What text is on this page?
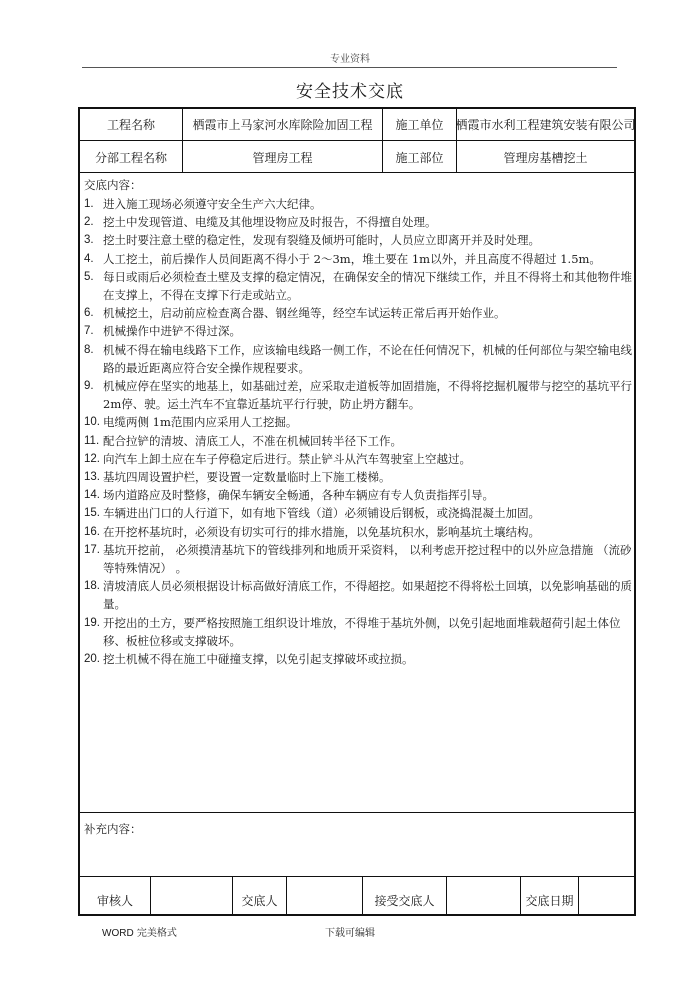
专业资料
安全技术交底
工程名称	栖霞市上马家河水库除险加固工程	施工单位	栖霞市水利工程建筑安装有限公司
分部工程名称	管理房工程	施工部位	管理房基槽挖土
交底内容：
1. 进入施工现场必须遵守安全生产六大纪律。
2. 挖土中发现管道、电缆及其他埋设物应及时报告，不得擅自处理。
3. 挖土时要注意土壁的稳定性，发现有裂缝及倾坍可能时，人员应立即离开并及时处理。
4. 人工挖土，前后操作人员间距离不得小于 2～3m，堆土要在 1m以外，并且高度不得超过 1.5m。
5. 每日或雨后必须检查土壁及支撑的稳定情况，在确保安全的情况下继续工作，并且不得将土和其他物件堆在支撑上，不得在支撑下行走或站立。
6. 机械挖土，启动前应检查离合器、钢丝绳等，经空车试运转正常后再开始作业。
7. 机械操作中进铲不得过深。
8. 机械不得在输电线路下工作，应该输电线路一侧工作，不论在任何情况下，机械的任何部位与架空输电线路的最近距离应符合安全操作规程要求。
9. 机械应停在坚实的地基上，如基础过差，应采取走道板等加固措施，不得将挖掘机履带与挖空的基坑平行 2m停、驶。运土汽车不宜靠近基坑平行行驶，防止坍方翻车。
10. 电缆两侧 1m范围内应采用人工挖掘。
11. 配合拉铲的清坡、清底工人，不准在机械回转半径下工作。
12. 向汽车上卸土应在车子停稳定后进行。禁止铲斗从汽车驾驶室上空越过。
13. 基坑四周设置护栏，要设置一定数量临时上下施工楼梯。
14. 场内道路应及时整修，确保车辆安全畅通，各种车辆应有专人负责指挥引导。
15. 车辆进出门口的人行道下，如有地下管线（道）必须铺设后钢板，或浇捣混凝土加固。
16. 在开挖杯基坑时，必须设有切实可行的排水措施，以免基坑积水，影响基坑土壤结构。
17. 基坑开挖前， 必须摸清基坑下的管线排列和地质开采资料， 以利考虑开挖过程中的以外应急措施 （流砂等特殊情况） 。
18. 清坡清底人员必须根据设计标高做好清底工作，不得超挖。如果超挖不得将松土回填，以免影响基础的质量。
19. 开挖出的土方，要严格按照施工组织设计堆放，不得堆于基坑外侧，以免引起地面堆载超荷引起土体位移、板桩位移或支撑破坏。
20. 挖土机械不得在施工中碰撞支撑，以免引起支撑破坏或拉损。
补充内容：
审核人	交底人	接受交底人	交底日期
WORD 完美格式	下载可编辑
